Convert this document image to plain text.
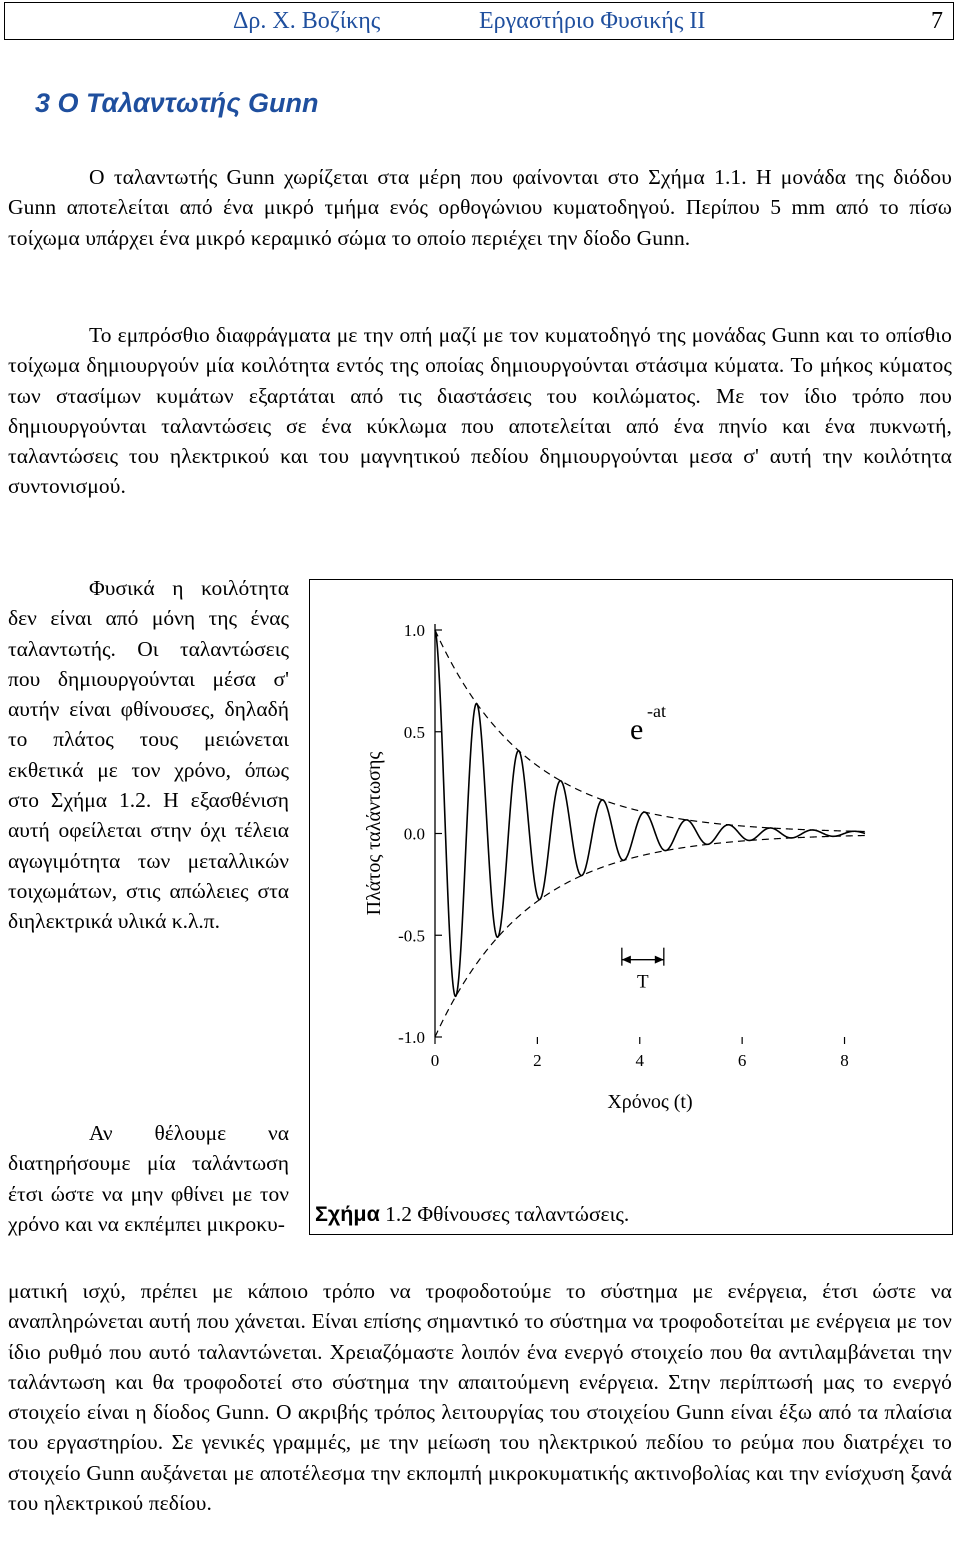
Δρ. Χ. Βοζίκης	Εργαστήριο Φυσικής ΙΙ	7
3 Ο Ταλαντωτής Gunn

Ο ταλαντωτής Gunn χωρίζεται στα μέρη που φαίνονται στο Σχήμα 1.1. Η μονάδα της διόδου Gunn αποτελείται από ένα μικρό τμήμα ενός ορθογώνιου κυματοδηγού. Περίπου 5 mm από το πίσω τοίχωμα υπάρχει ένα μικρό κεραμικό σώμα το οποίο περιέχει την δίοδο Gunn.

Το εμπρόσθιο διαφράγματα με την οπή μαζί με τον κυματοδηγό της μονάδας Gunn και το οπίσθιο τοίχωμα δημιουργούν μία κοιλότητα εντός της οποίας δημιουργούνται στάσιμα κύματα. Το μήκος κύματος των στασίμων κυμάτων εξαρτάται από τις διαστάσεις του κοιλώματος. Με τον ίδιο τρόπο που δημιουργούνται ταλαντώσεις σε ένα κύκλωμα που αποτελείται από ένα πηνίο και ένα πυκνωτή, ταλαντώσεις του ηλεκτρικού και του μαγνητικού πεδίου δημιουργούνται μεσα σ' αυτή την κοιλότητα συντονισμού.

Φυσικά η κοιλότητα δεν είναι από μόνη της ένας ταλαντωτής. Οι ταλαντώσεις που δημιουργούνται μέσα σ' αυτήν είναι φθίνουσες, δηλαδή το πλάτος τους μειώνεται εκθετικά με τον χρόνο, όπως στο Σχήμα 1.2. Η εξασθένιση αυτή οφείλεται στην όχι τέλεια αγωγιμότητα των μεταλλικών τοιχωμάτων, στις απώλειες στα διηλεκτρικά υλικά κ.λ.π.

Αν θέλουμε να διατηρήσουμε μία ταλάντωση έτσι ώστε να μην φθίνει με τον χρόνο και να εκπέμπει μικροκυ-

ματική ισχύ, πρέπει με κάποιο τρόπο να τροφοδοτούμε το σύστημα με ενέργεια, έτσι ώστε να αναπληρώνεται αυτή που χάνεται. Είναι επίσης σημαντικό το σύστημα να τροφοδοτείται με ενέργεια με τον ίδιο ρυθμό που αυτό ταλαντώνεται. Χρειαζόμαστε λοιπόν ένα ενεργό στοιχείο που θα αντιλαμβάνεται την ταλάντωση και θα τροφοδοτεί στο σύστημα την απαιτούμενη ενέργεια. Στην περίπτωσή μας το ενεργό στοιχείο είναι η δίοδος Gunn. Ο ακριβής τρόπος λειτουργίας του στοιχείου Gunn είναι έξω από τα πλαίσια του εργαστηρίου. Σε γενικές γραμμές, με την μείωση του ηλεκτρικού πεδίου το ρεύμα που διατρέχει το στοιχείο Gunn αυξάνεται με αποτέλεσμα την εκπομπή μικροκυματικής ακτινοβολίας και την ενίσχυση ξανά του ηλεκτρικού πεδίου.

1.0
0.5
0.0
-0.5
-1.0
0	2	4	6	8
Χρόνος (t)
Πλάτος ταλάντωσης
e
-at
T

Σχήμα 1.2 Φθίνουσες ταλαντώσεις.
